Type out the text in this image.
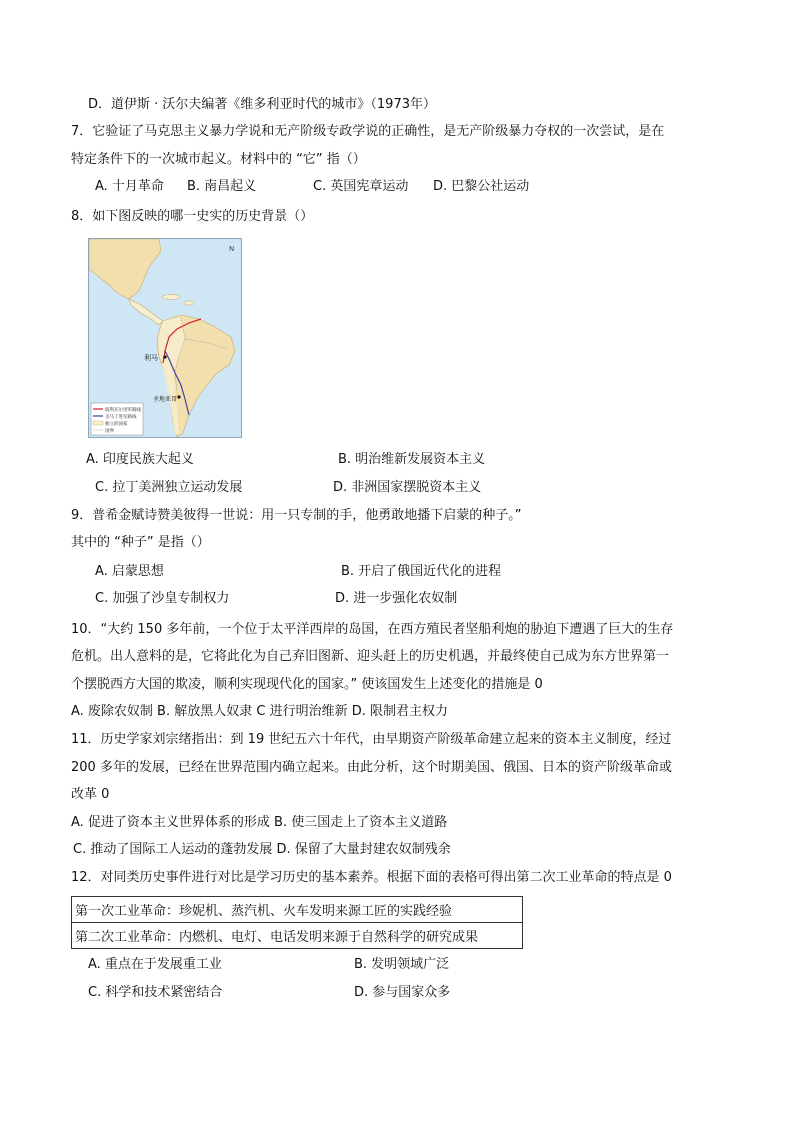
D．道伊斯 · 沃尔夫编著《维多利亚时代的城市》（1973年）
7．它验证了马克思主义暴力学说和无产阶级专政学说的正确性，是无产阶级暴力夺权的一次尝试，是在
特定条件下的一次城市起义。材料中的 “它” 指（）
A. 十月革命 B. 南昌起义	C. 英国宪章运动 D. 巴黎公社运动
8．如下图反映的哪一史实的历史背景（）
利马
圣地亚哥
N
玻利瓦尔进军路线
圣马丁进军路线
独立的国家
国界
A. 印度民族大起义	B. 明治维新发展资本主义
C. 拉丁美洲独立运动发展	D. 非洲国家摆脱资本主义
9．普希金赋诗赞美彼得一世说：用一只专制的手，他勇敢地播下启蒙的种子。”
其中的 “种子” 是指（）
A. 启蒙思想	B. 开启了俄国近代化的进程
C. 加强了沙皇专制权力	D. 进一步强化农奴制
10．“大约 150 多年前，一个位于太平洋西岸的岛国，在西方殖民者坚船利炮的胁迫下遭遇了巨大的生存
危机。出人意料的是，它将此化为自己弃旧图新、迎头赶上的历史机遇，并最终使自己成为东方世界第一
个摆脱西方大国的欺凌，顺利实现现代化的国家。” 使该国发生上述变化的措施是 0
A. 废除农奴制 B. 解放黑人奴隶 C 进行明治维新 D. 限制君主权力
11．历史学家刘宗绪指出：到 19 世纪五六十年代，由早期资产阶级革命建立起来的资本主义制度，经过
200 多年的发展，已经在世界范围内确立起来。由此分析，这个时期美国、俄国、日本的资产阶级革命或
改革 0
A. 促进了资本主义世界体系的形成 B. 使三国走上了资本主义道路
C. 推动了国际工人运动的蓬勃发展 D. 保留了大量封建农奴制残余
12．对同类历史事件进行对比是学习历史的基本素养。根据下面的表格可得出第二次工业革命的特点是 0
第一次工业革命：珍妮机、蒸汽机、火车发明来源工匠的实践经验
第二次工业革命：内燃机、电灯、电话发明来源于自然科学的研究成果
A. 重点在于发展重工业	B. 发明领域广泛
C. 科学和技术紧密结合	D. 参与国家众多
